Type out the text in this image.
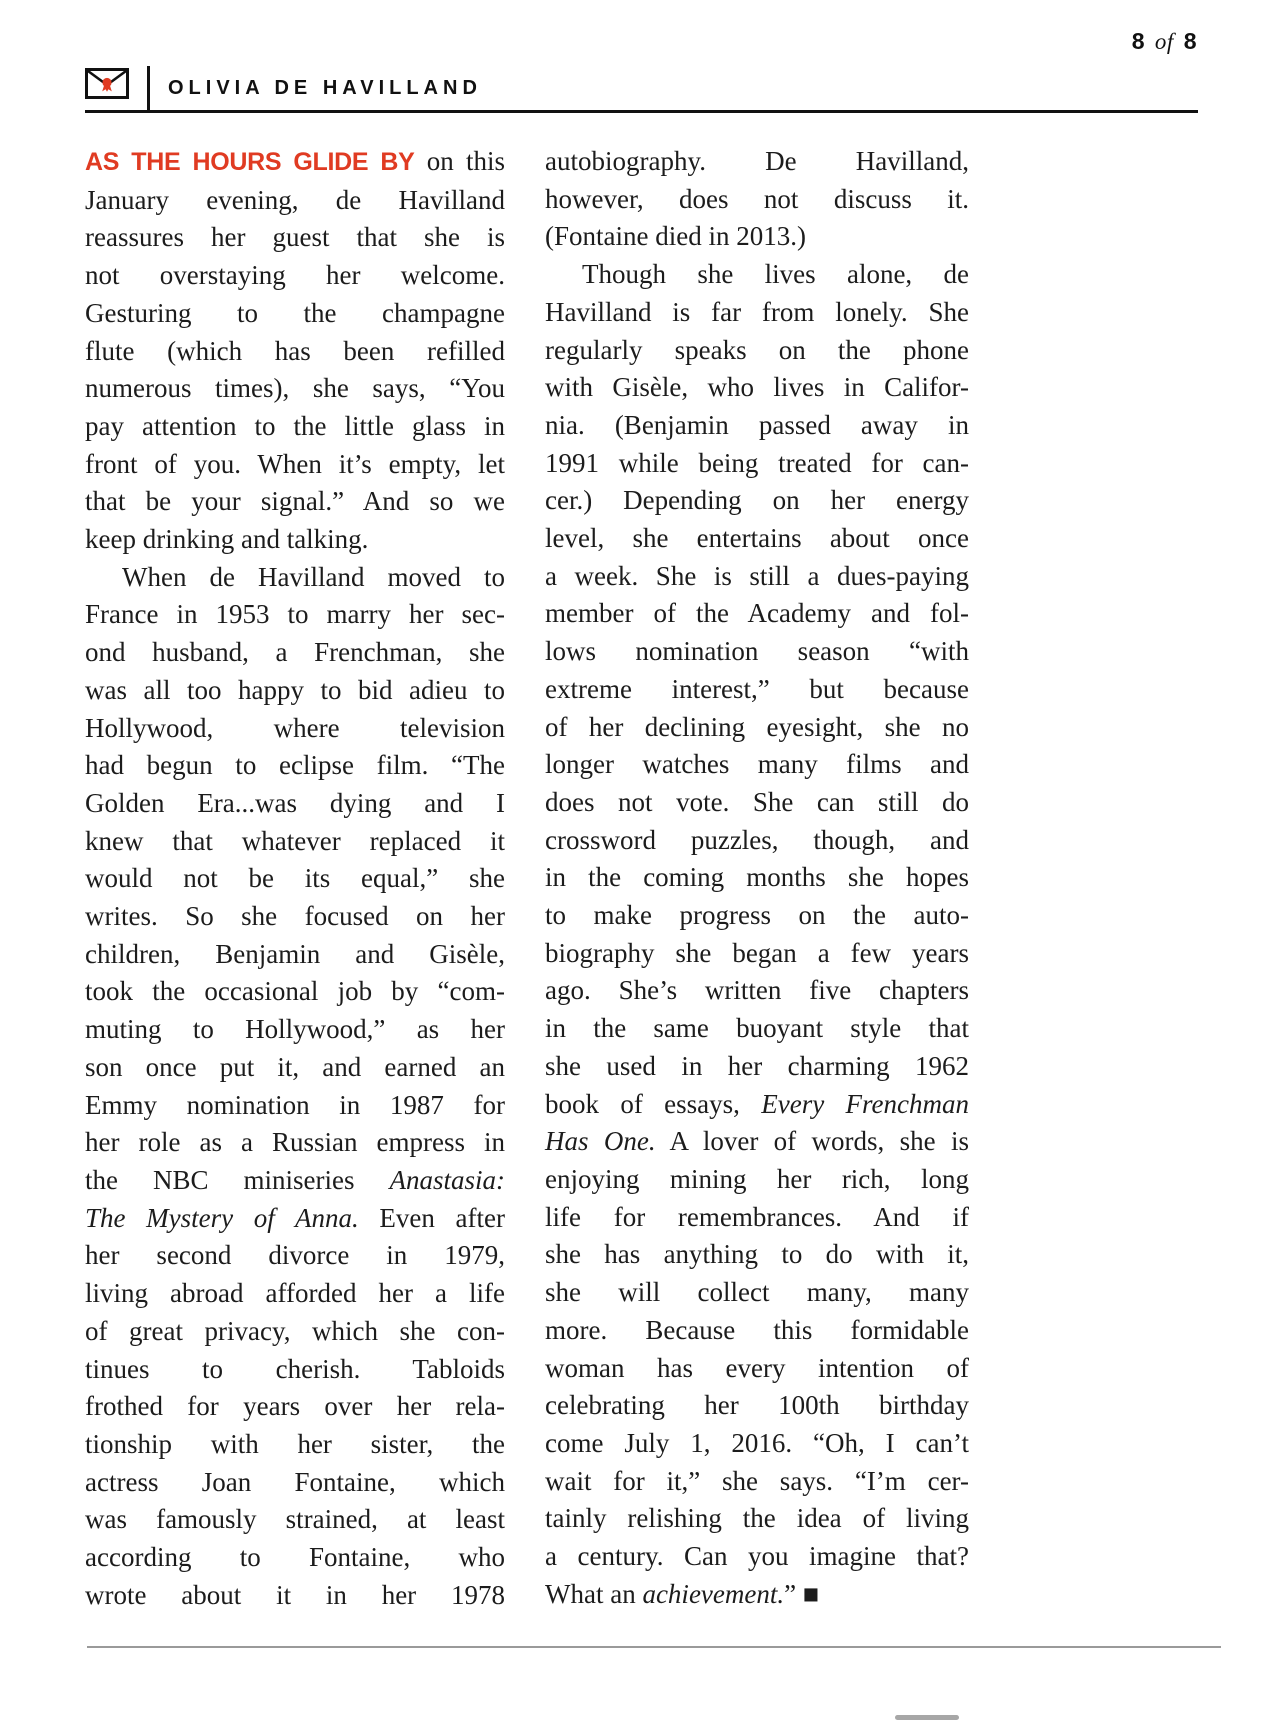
8 of 8
OLIVIA DE HAVILLAND
AS THE HOURS GLIDE BY on this
January evening, de Havilland
reassures her guest that she is
not overstaying her welcome.
Gesturing to the champagne
flute (which has been refilled
numerous times), she says, “You
pay attention to the little glass in
front of you. When it’s empty, let
that be your signal.” And so we
keep drinking and talking.
When de Havilland moved to
France in 1953 to marry her sec-
ond husband, a Frenchman, she
was all too happy to bid adieu to
Hollywood, where television
had begun to eclipse film. “The
Golden Era...was dying and I
knew that whatever replaced it
would not be its equal,” she
writes. So she focused on her
children, Benjamin and Gisèle,
took the occasional job by “com-
muting to Hollywood,” as her
son once put it, and earned an
Emmy nomination in 1987 for
her role as a Russian empress in
the NBC miniseries Anastasia:
The Mystery of Anna. Even after
her second divorce in 1979,
living abroad afforded her a life
of great privacy, which she con-
tinues to cherish. Tabloids
frothed for years over her rela-
tionship with her sister, the
actress Joan Fontaine, which
was famously strained, at least
according to Fontaine, who
wrote about it in her 1978
autobiography. De Havilland,
however, does not discuss it.
(Fontaine died in 2013.)
Though she lives alone, de
Havilland is far from lonely. She
regularly speaks on the phone
with Gisèle, who lives in Califor-
nia. (Benjamin passed away in
1991 while being treated for can-
cer.) Depending on her energy
level, she entertains about once
a week. She is still a dues-paying
member of the Academy and fol-
lows nomination season “with
extreme interest,” but because
of her declining eyesight, she no
longer watches many films and
does not vote. She can still do
crossword puzzles, though, and
in the coming months she hopes
to make progress on the auto-
biography she began a few years
ago. She’s written five chapters
in the same buoyant style that
she used in her charming 1962
book of essays, Every Frenchman
Has One. A lover of words, she is
enjoying mining her rich, long
life for remembrances. And if
she has anything to do with it,
she will collect many, many
more. Because this formidable
woman has every intention of
celebrating her 100th birthday
come July 1, 2016. “Oh, I can’t
wait for it,” she says. “I’m cer-
tainly relishing the idea of living
a century. Can you imagine that?
What an achievement.” ■
